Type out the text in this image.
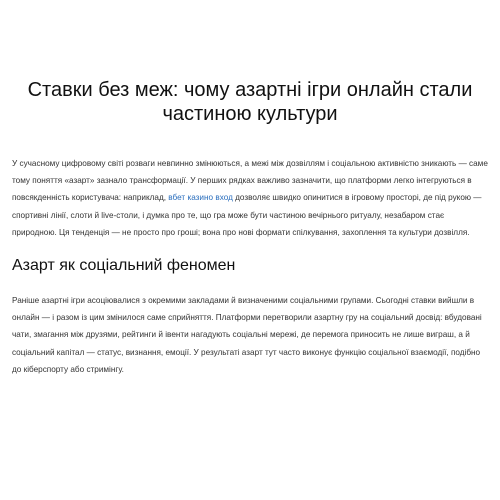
Ставки без меж: чому азартні ігри онлайн стали частиною культури

У сучасному цифровому світі розваги невпинно змінюються, а межі між дозвіллям і соціальною активністю зникають — саме тому поняття «азарт» зазнало трансформації. У перших рядках важливо зазначити, що платформи легко інтегруються в повсякденність користувача: наприклад, вбет казино вход дозволяє швидко опинитися в ігровому просторі, де під рукою — спортивні лінії, слоти й live-столи, і думка про те, що гра може бути частиною вечірнього ритуалу, незабаром стає природною. Ця тенденція — не просто про гроші; вона про нові формати спілкування, захоплення та культури дозвілля.

Азарт як соціальний феномен

Раніше азартні ігри асоціювалися з окремими закладами й визначеними соціальними групами. Сьогодні ставки вийшли в онлайн — і разом із цим змінилося саме сприйняття. Платформи перетворили азартну гру на соціальний досвід: вбудовані чати, змагання між друзями, рейтинги й івенти нагадують соціальні мережі, де перемога приносить не лише виграш, а й соціальний капітал — статус, визнання, емоції. У результаті азарт тут часто виконує функцію соціальної взаємодії, подібно до кіберспорту або стримінгу.
